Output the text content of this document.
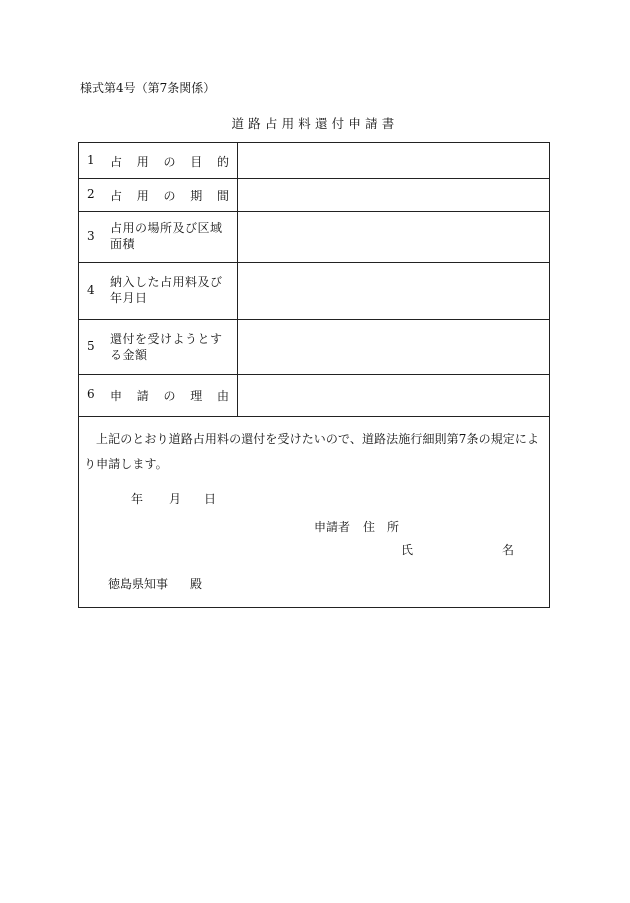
様式第4号（第7条関係）
道路占用料還付申請書
1 占 用 の 目 的
2 占 用 の 期 間
3
占用の場所及び区域面積
4
納入した占用料及び年月日
5 還付を受けようとする金額
6 申 請 の 理 由
上記のとおり道路占用料の還付を受けたいので、道路法施行細則第7条の規定により申請します。
年 月 日
申請者 住　所
氏	名
徳島県知事 殿
